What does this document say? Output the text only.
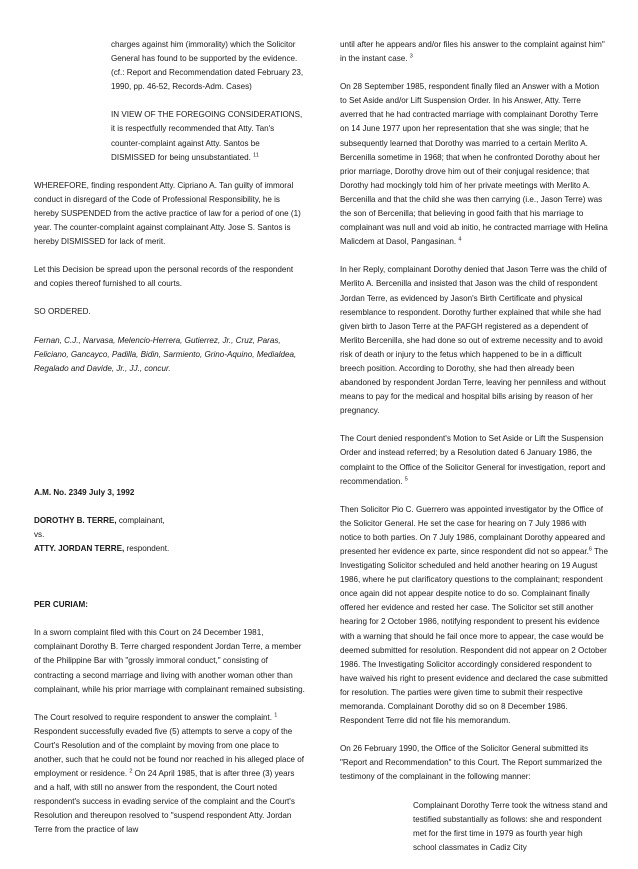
charges against him (immorality) which the Solicitor General has found to be supported by the evidence. (cf.: Report and Recommendation dated February 23, 1990, pp. 46-52, Records-Adm. Cases)

IN VIEW OF THE FOREGOING CONSIDERATIONS, it is respectfully recommended that Atty. Tan's counter-complaint against Atty. Santos be DISMISSED for being unsubstantiated. $^{11}$

WHEREFORE, finding respondent Atty. Cipriano A. Tan guilty of immoral conduct in disregard of the Code of Professional Responsibility, he is hereby SUSPENDED from the active practice of law for a period of one (1) year. The counter-complaint against complainant Atty. Jose S. Santos is hereby DISMISSED for lack of merit.

Let this Decision be spread upon the personal records of the respondent and copies thereof furnished to all courts.

SO ORDERED.

Fernan, C.J., Narvasa, Melencio-Herrera, Gutierrez, Jr., Cruz, Paras, Feliciano, Gancayco, Padilla, Bidin, Sarmiento, Grino-Aquino, Medialdea, Regalado and Davide, Jr., JJ., concur.

A.M. No. 2349 July 3, 1992

DOROTHY B. TERRE, complainant,
vs.
ATTY. JORDAN TERRE, respondent.

PER CURIAM:

In a sworn complaint filed with this Court on 24 December 1981, complainant Dorothy B. Terre charged respondent Jordan Terre, a member of the Philippine Bar with "grossly immoral conduct," consisting of contracting a second marriage and living with another woman other than complainant, while his prior marriage with complainant remained subsisting.

The Court resolved to require respondent to answer the complaint. $^1$ Respondent successfully evaded five (5) attempts to serve a copy of the Court's Resolution and of the complaint by moving from one place to another, such that he could not be found nor reached in his alleged place of employment or residence. $^2$ On 24 April 1985, that is after three (3) years and a half, with still no answer from the respondent, the Court noted respondent's success in evading service of the complaint and the Court's Resolution and thereupon resolved to "suspend respondent Atty. Jordan Terre from the practice of law

until after he appears and/or files his answer to the complaint against him" in the instant case. $^3$

On 28 September 1985, respondent finally filed an Answer with a Motion to Set Aside and/or Lift Suspension Order. In his Answer, Atty. Terre averred that he had contracted marriage with complainant Dorothy Terre on 14 June 1977 upon her representation that she was single; that he subsequently learned that Dorothy was married to a certain Merlito A. Bercenilla sometime in 1968; that when he confronted Dorothy about her prior marriage, Dorothy drove him out of their conjugal residence; that Dorothy had mockingly told him of her private meetings with Merlito A. Bercenilla and that the child she was then carrying (i.e., Jason Terre) was the son of Bercenilla; that believing in good faith that his marriage to complainant was null and void ab initio, he contracted marriage with Helina Malicdem at Dasol, Pangasinan. $^4$

In her Reply, complainant Dorothy denied that Jason Terre was the child of Merlito A. Bercenilla and insisted that Jason was the child of respondent Jordan Terre, as evidenced by Jason's Birth Certificate and physical resemblance to respondent. Dorothy further explained that while she had given birth to Jason Terre at the PAFGH registered as a dependent of Merlito Bercenilla, she had done so out of extreme necessity and to avoid risk of death or injury to the fetus which happened to be in a difficult breech position. According to Dorothy, she had then already been abandoned by respondent Jordan Terre, leaving her penniless and without means to pay for the medical and hospital bills arising by reason of her pregnancy.

The Court denied respondent's Motion to Set Aside or Lift the Suspension Order and instead referred; by a Resolution dated 6 January 1986, the complaint to the Office of the Solicitor General for investigation, report and recommendation. $^5$

Then Solicitor Pio C. Guerrero was appointed investigator by the Office of the Solicitor General. He set the case for hearing on 7 July 1986 with notice to both parties. On 7 July 1986, complainant Dorothy appeared and presented her evidence ex parte, since respondent did not so appear.$^6$ The Investigating Solicitor scheduled and held another hearing on 19 August 1986, where he put clarificatory questions to the complainant; respondent once again did not appear despite notice to do so. Complainant finally offered her evidence and rested her case. The Solicitor set still another hearing for 2 October 1986, notifying respondent to present his evidence with a warning that should he fail once more to appear, the case would be deemed submitted for resolution. Respondent did not appear on 2 October 1986. The Investigating Solicitor accordingly considered respondent to have waived his right to present evidence and declared the case submitted for resolution. The parties were given time to submit their respective memoranda. Complainant Dorothy did so on 8 December 1986. Respondent Terre did not file his memorandum.

On 26 February 1990, the Office of the Solicitor General submitted its "Report and Recommendation" to this Court. The Report summarized the testimony of the complainant in the following manner:

Complainant Dorothy Terre took the witness stand and testified substantially as follows: she and respondent met for the first time in 1979 as fourth year high school classmates in Cadiz City
